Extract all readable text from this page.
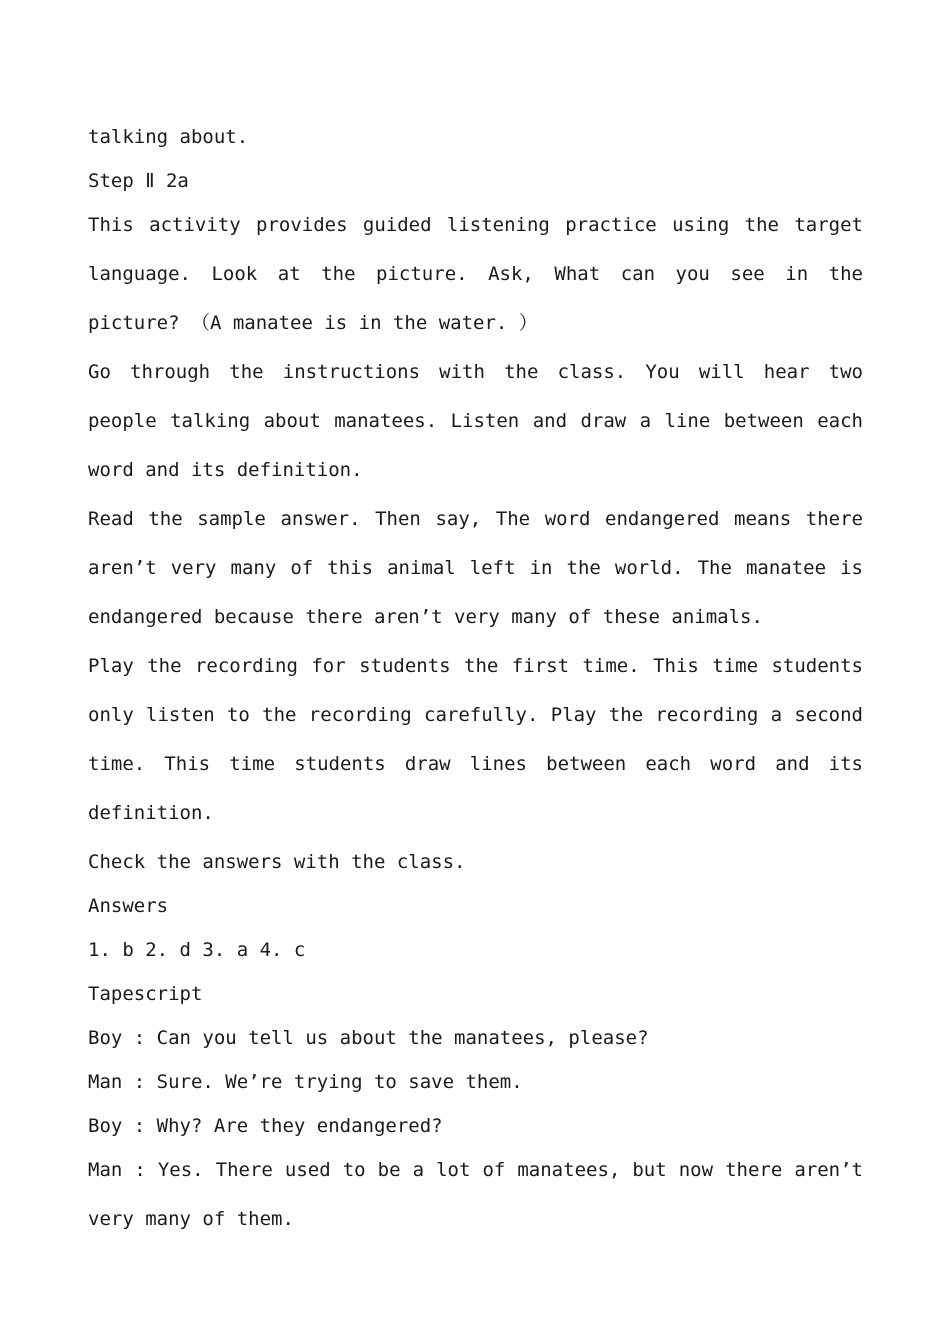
talking about.

Step Ⅱ 2a

This activity provides guided listening practice using the target language. Look at the picture. Ask, What can you see in the picture? （A manatee is in the water. ）

Go through the instructions with the class. You will hear two people talking about manatees. Listen and draw a line between each word and its definition.

Read the sample answer. Then say, The word endangered means there aren’t very many of this animal left in the world. The manatee is endangered because there aren’t very many of these animals.

Play the recording for students the first time. This time students only listen to the recording carefully. Play the recording a second time. This time students draw lines between each word and its definition.

Check the answers with the class.

Answers

1. b 2. d 3. a 4. c

Tapescript

Boy : Can you tell us about the manatees, please?

Man : Sure. We’re trying to save them.

Boy : Why? Are they endangered?

Man : Yes. There used to be a lot of manatees, but now there aren’t very many of them.
